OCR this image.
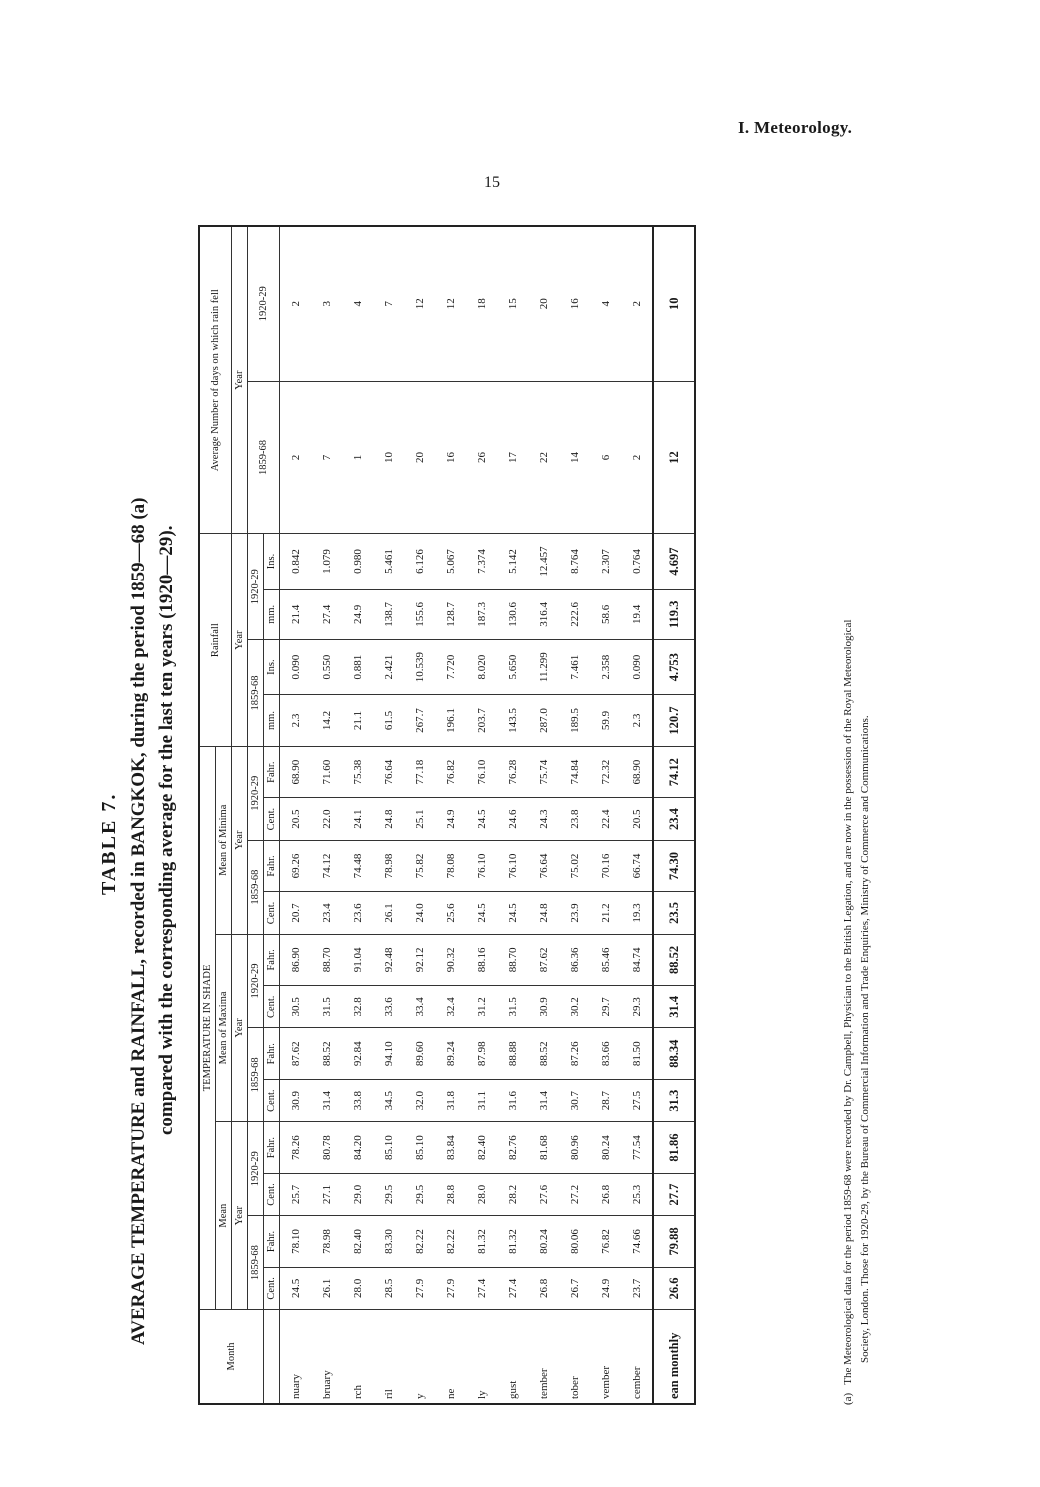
I. Meteorology.
15
TABLE 7. AVERAGE TEMPERATURE and RAINFALL, recorded in BANGKOK, during the period 1859—68 (a) compared with the corresponding average for the last ten years (1920—29).
Month	TEMPERATURE IN SHADE												Rainfall				Average Number of days on which rain fell	
	Mean				Mean of Maxima				Mean of Minima									
	Year				Year				Year				Year				Year	
	1859-68		1920-29		1859-68		1920-29		1859-68		1920-29		1859-68		1920-29		1859-68	1920-29
	Cent.	Fahr.	Cent.	Fahr.	Cent.	Fahr.	Cent.	Fahr.	Cent.	Fahr.	Cent.	Fahr.	mm.	Ins.	mm.	Ins.		
nuary	24.5	78.10	25.7	78.26	30.9	87.62	30.5	86.90	20.7	69.26	20.5	68.90	2.3	0.090	21.4	0.842	2	2
bruary	26.1	78.98	27.1	80.78	31.4	88.52	31.5	88.70	23.4	74.12	22.0	71.60	14.2	0.550	27.4	1.079	7	3
rch	28.0	82.40	29.0	84.20	33.8	92.84	32.8	91.04	23.6	74.48	24.1	75.38	21.1	0.881	24.9	0.980	1	4
ril	28.5	83.30	29.5	85.10	34.5	94.10	33.6	92.48	26.1	78.98	24.8	76.64	61.5	2.421	138.7	5.461	10	7
y	27.9	82.22	29.5	85.10	32.0	89.60	33.4	92.12	24.0	75.82	25.1	77.18	267.7	10.539	155.6	6.126	20	12
ne	27.9	82.22	28.8	83.84	31.8	89.24	32.4	90.32	25.6	78.08	24.9	76.82	196.1	7.720	128.7	5.067	16	12
ly	27.4	81.32	28.0	82.40	31.1	87.98	31.2	88.16	24.5	76.10	24.5	76.10	203.7	8.020	187.3	7.374	26	18
gust	27.4	81.32	28.2	82.76	31.6	88.88	31.5	88.70	24.5	76.10	24.6	76.28	143.5	5.650	130.6	5.142	17	15
tember	26.8	80.24	27.6	81.68	31.4	88.52	30.9	87.62	24.8	76.64	24.3	75.74	287.0	11.299	316.4	12.457	22	20
tober	26.7	80.06	27.2	80.96	30.7	87.26	30.2	86.36	23.9	75.02	23.8	74.84	189.5	7.461	222.6	8.764	14	16
vember	24.9	76.82	26.8	80.24	28.7	83.66	29.7	85.46	21.2	70.16	22.4	72.32	59.9	2.358	58.6	2.307	6	4
cember	23.7	74.66	25.3	77.54	27.5	81.50	29.3	84.74	19.3	66.74	20.5	68.90	2.3	0.090	19.4	0.764	2	2
ean monthly	26.6	79.88	27.7	81.86	31.3	88.34	31.4	88.52	23.5	74.30	23.4	74.12	120.7	4.753	119.3	4.697	12	10
(a)The Meteorological data for the period 1859-68 were recorded by Dr. Campbell, Physician to the British Legation, and are now in the possession of the Royal Meteorological Society, London. Those for 1920-29, by the Bureau of Commercial Information and Trade Enquiries, Ministry of Commerce and Communications.
